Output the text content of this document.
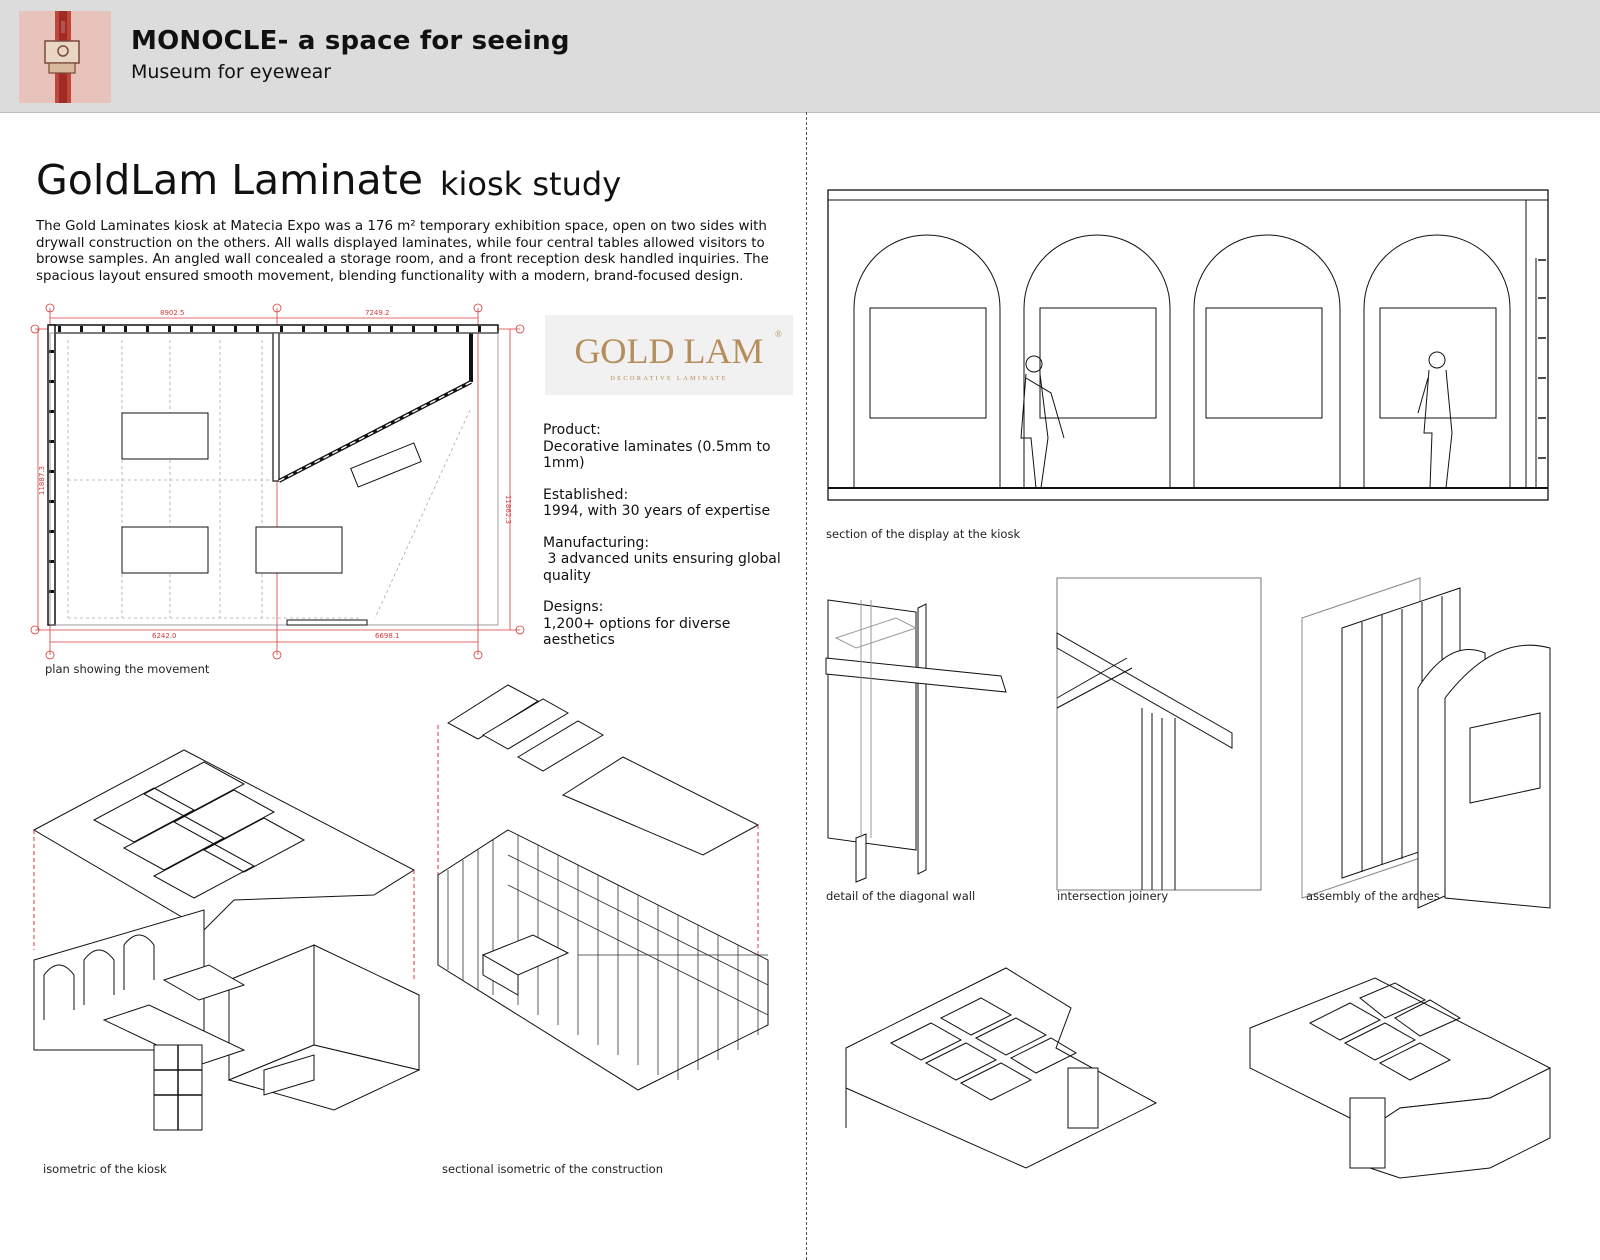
MONOCLE- a space for seeing
Museum for eyewear
GoldLam Laminate kiosk study
The Gold Laminates kiosk at Matecia Expo was a 176 m² temporary exhibition space, open on two sides with drywall construction on the others. All walls displayed laminates, while four central tables allowed visitors to browse samples. An angled wall concealed a storage room, and a front reception desk handled inquiries. The spacious layout ensured smooth movement, blending functionality with a modern, brand-focused design.
8902.5	7249.2
6242.0	6698.1
11887.3
11862.3
plan showing the movement
GOLD LAM ®
DECORATIVE LAMINATE
Product:
Decorative laminates (0.5mm to 1mm)
Established:
1994, with 30 years of expertise
Manufacturing:
3 advanced units ensuring global quality
Designs:
1,200+ options for diverse aesthetics
isometric of the kiosk	sectional isometric of the construction
section of the display at the kiosk
detail of the diagonal wall	intersection joinery	assembly of the arches
